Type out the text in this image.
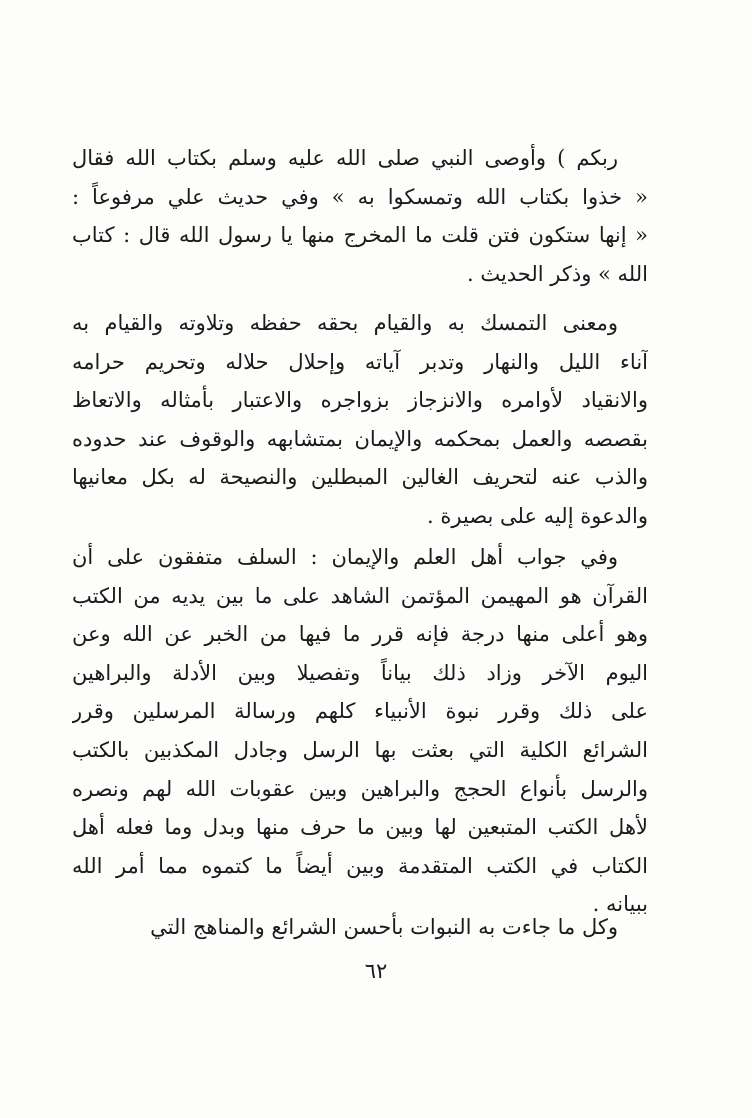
ربكم ) وأوصى النبي صلى الله عليه وسلم بكتاب الله فقال
« خذوا بكتاب الله وتمسكوا به » وفي حديث علي مرفوعاً :
« إنها ستكون فتن قلت ما المخرج منها يا رسول الله قال : كتاب
الله » وذكر الحديث .
ومعنى التمسك به والقيام بحقه حفظه وتلاوته والقيام به
آناء الليل والنهار وتدبر آياته وإحلال حلاله وتحريم حرامه
والانقياد لأوامره والانزجاز بزواجره والاعتبار بأمثاله والاتعاظ
بقصصه والعمل بمحكمه والإيمان بمتشابهه والوقوف عند حدوده
والذب عنه لتحريف الغالين المبطلين والنصيحة له بكل معانيها
والدعوة إليه على بصيرة .
وفي جواب أهل العلم والإيمان : السلف متفقون على أن
القرآن هو المهيمن المؤتمن الشاهد على ما بين يديه من الكتب
وهو أعلى منها درجة فإنه قرر ما فيها من الخبر عن الله وعن
اليوم الآخر وزاد ذلك بياناً وتفصيلا وبين الأدلة والبراهين
على ذلك وقرر نبوة الأنبياء كلهم ورسالة المرسلين وقرر
الشرائع الكلية التي بعثت بها الرسل وجادل المكذبين بالكتب
والرسل بأنواع الحجج والبراهين وبين عقوبات الله لهم ونصره
لأهل الكتب المتبعين لها وبين ما حرف منها وبدل وما فعله أهل
الكتاب في الكتب المتقدمة وبين أيضاً ما كتموه مما أمر الله
ببيانه .
وكل ما جاءت به النبوات بأحسن الشرائع والمناهج التي
٦٢
